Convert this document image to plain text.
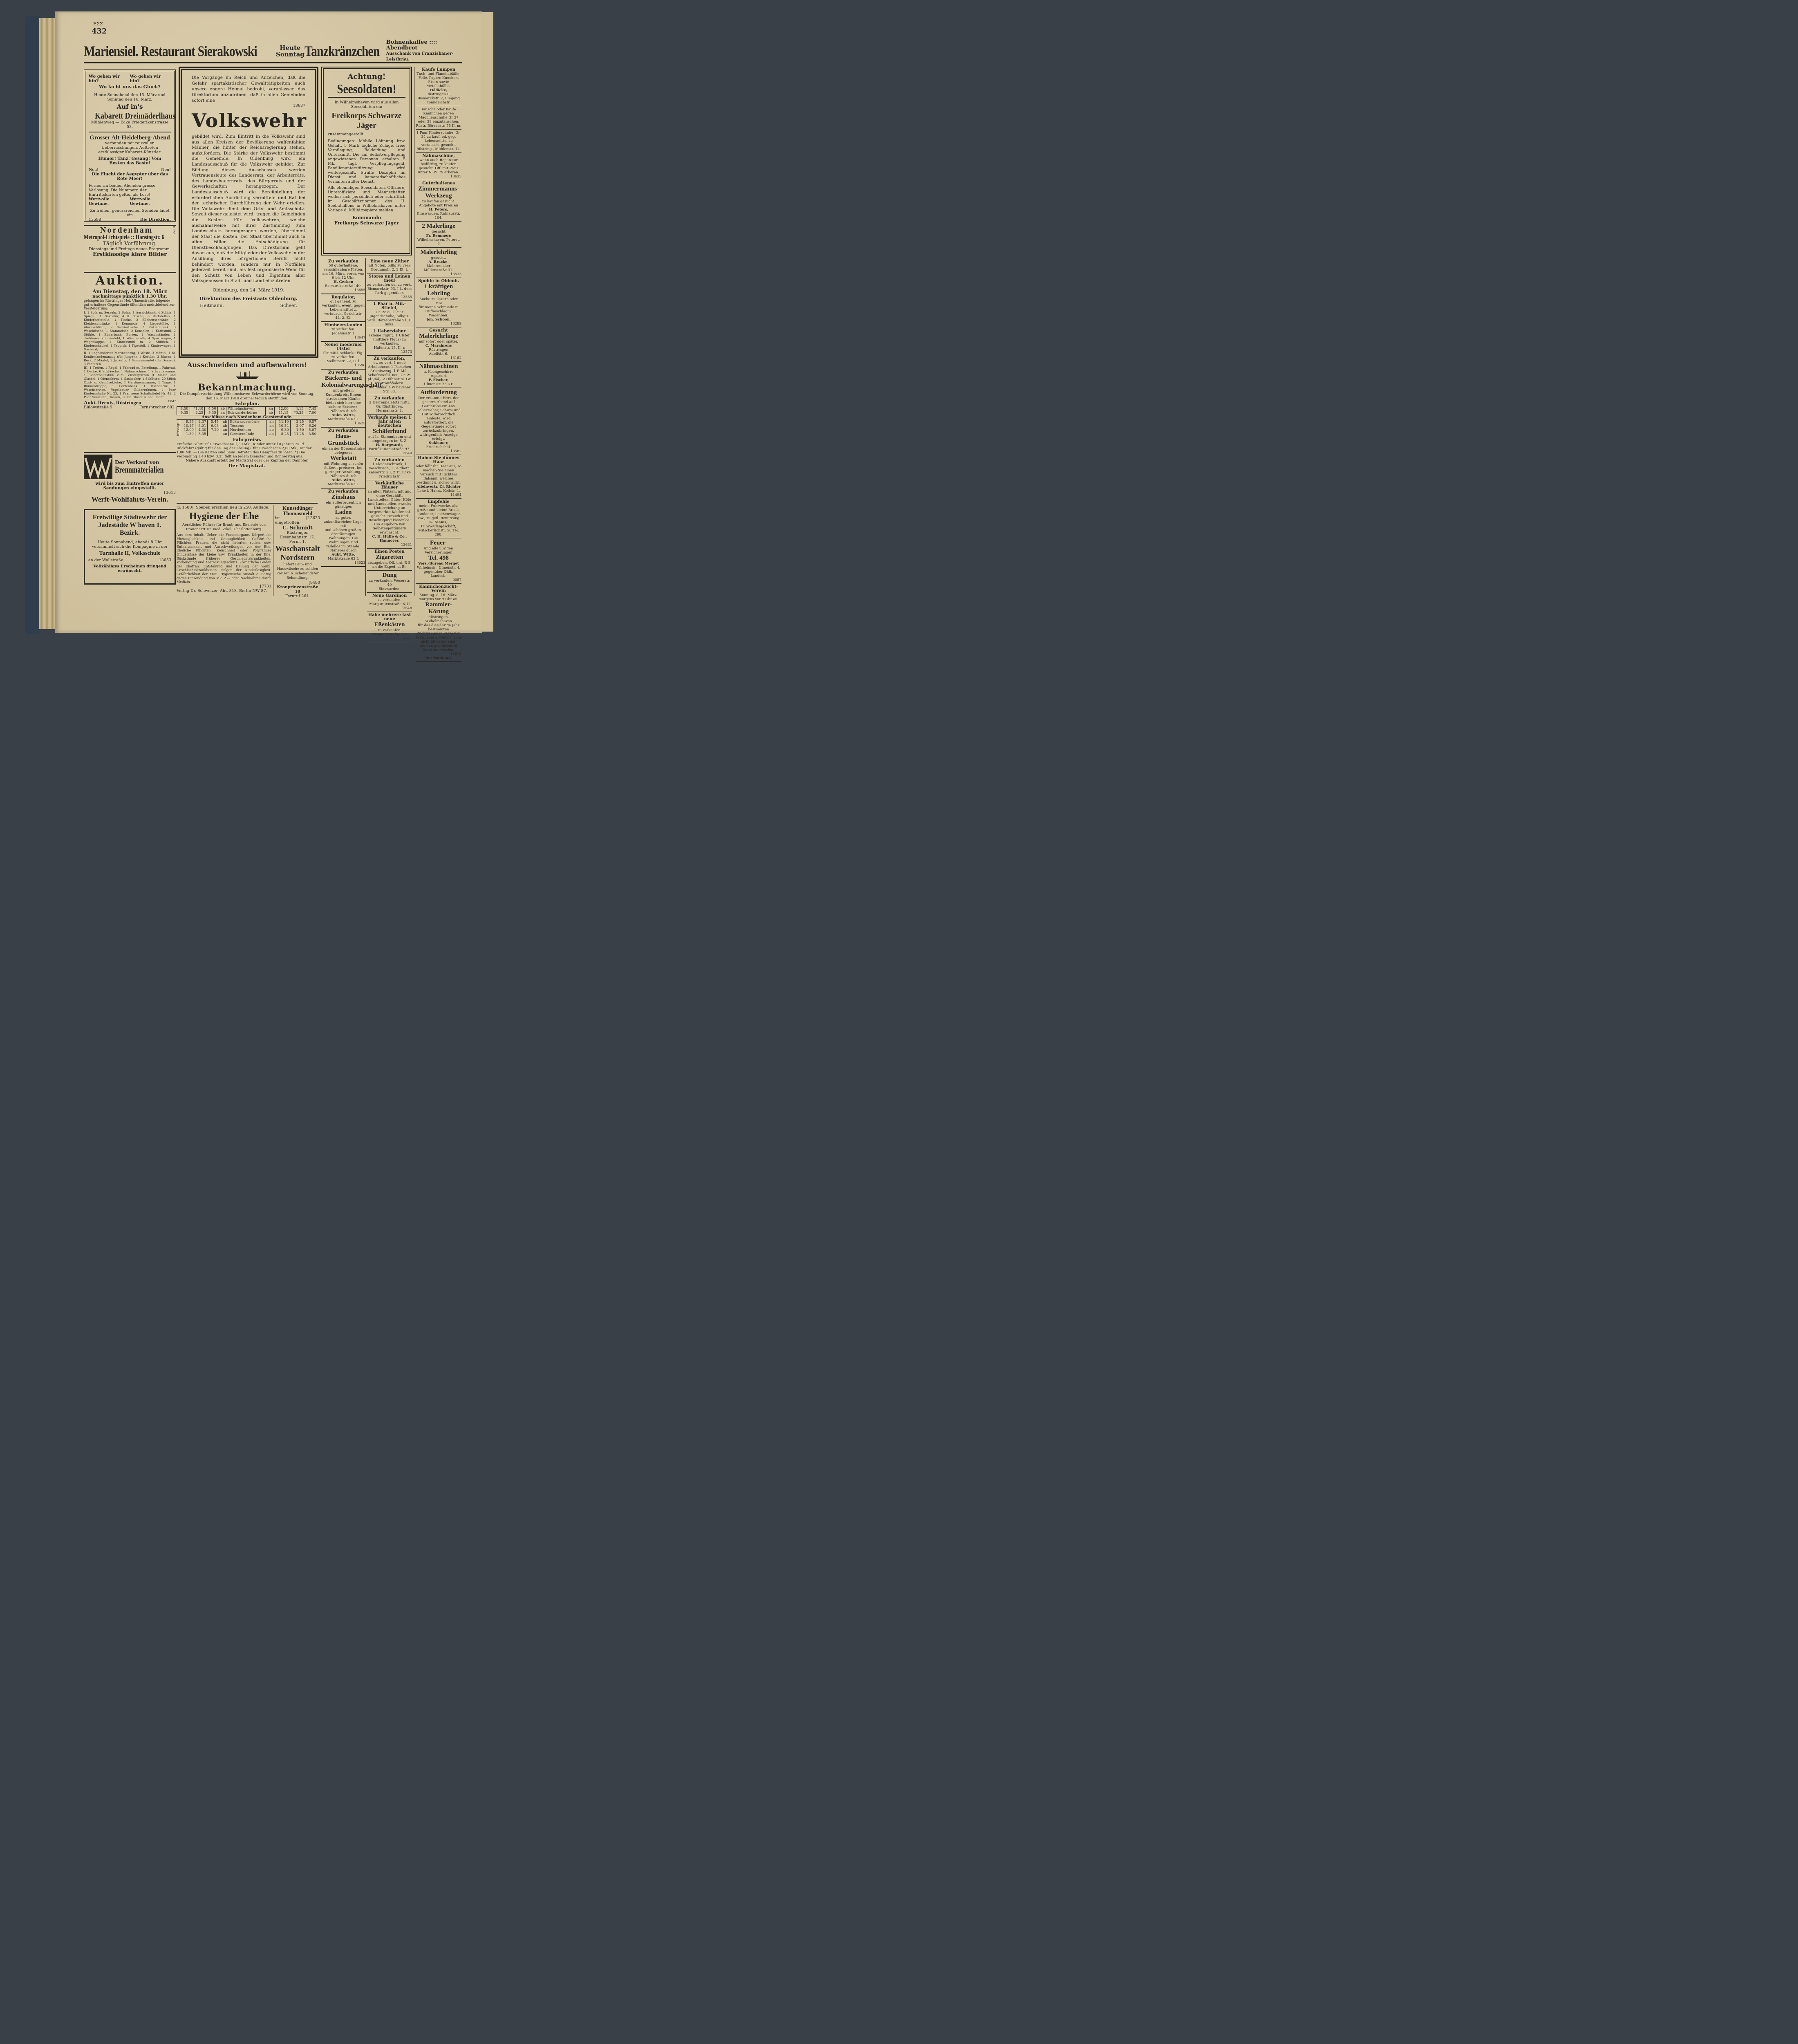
ΕΣΣ
432
Mariensiel. Restaurant Sierakowski	Heute
Sonntag Tanzkränzchen
Bohnenkaffee :::: Abendbrot
Ausschank von Franziskaner-Leistbräu.
Wo gehen wir hin?
Wo gehen wir hin?
Wo lacht uns das Glück?
Heute Sonnabend den 15. März und Sonntag den 16. März:
Auf in's
Kabarett Dreimäderlhaus
Mühlenweg — Ecke Friederikenstrasse 53.
Grosser Alt-Heidelberg-Abend
verbunden mit reizvollen Ueberraschungen. Auftreten erstklassiger Kabarett-Künstler.
Humor! Tanz! Gesang! Vom Besten das Beste!
Neu!	Neu!
Die Flucht der Aegypter über das Rote Meer!
Ferner an beiden Abenden grosse Verlosung. Die Nummern der Eintrittskarten gelten als Lose!
Wertvolle Gewinne.
Wertvolle Gewinne.
Zu frohen, genussreichen Stunden ladet ein
13598	Die Direktion.
Nordenham	6128
Metropol-Lichtspiele :: Hansingstr. 6
Täglich Vorführung.
Dienstags und Freitags neues Programm.
Erstklassige klare Bilder
Auktion.
Am Dienstag, den 18. März
nachmittags pünktlich 1.30 Uhr,
gelangen im Rüstringer Hof, Ulmenstraße, folgende gut erhaltene Gegenstände öffentlich meistbietend zur Versteigerung:
I. 1 Sofa m. Sesseln, 2 Sofas, 1 Auszichtisch, 4 Stühle, 1 Spiegel, 1 Sekretär, 4 ll. Tische, 6 Bettstellen, 1 Kinderbettstelle, 4 Tische, 2 Küchenschränke, 2 Kleiderschränke, 1 Kommode, 4 Liegestühle, 1 Abwaschtisch, 2 Serviertische, 1 Putzschrank, 3 Waschtische, 1 Stammtisch, 2 Konsolen, 1 Korbstuhl, 2 Stühle, 1 Eimerbank, Borten, 1 Waschständer, 1 drehbarer Kontorstuhl, 1 Wäscherolle, 4 Sportwagen, 1 Wagenkappe, 1 Kinderstuhl m. 2 Stühlen, 1 Kinderschaukel, 1 Teppich, 1 Tigerfell, 1 Kinderwagen, 1 Gasherd;
II. 1 ungeänderter Marineanzug, 1 Weste, 3 Mäntel, 1 bl. Konfirmandenanzug (für Jungen), 1 Kostüm, 3 Blusen, 1 Rock, 2 Mäntel, 2 Jacketts, 1 Gummimantel (für Damen), 3 Fanfaren,
III. 1 Trefen, 1 Regal, 1 Fahrrad m. Bereifung, 1 Fahrrad, 1 Decke, 6 Schläuche, 1 Nähmaschine, 1 Schrankwanne, 1 Sicherheitsstuhl zum Fensterputzen (f. Maler und Glaser), 1 Ofenschirm, 1 Gaskocher, 1 Schlitten, 20 Stück Obst- u. Gemüsekörbe, 1 Gardinenspanner, 1 Wage, 1 Blumentreppe, 1 Gartenbank, 1 Tischdecke, 1 Waschservice, Vogelbauer, Bilderrahmen, 1 Paar Kinderschuhe Nr. 23, 1 Paar neue Schaftstiefel Nr. 42, 2 Paar Seestiefel, Tassen, Teller, Gläser u. and. mehr.
Aukt. Reents, Rüstringen	13642
Bülowstraße 9	Fernsprecher 682.
Der Verkauf von
Brennmaterialien
wird bis zum Eintreffen neuer Sendungen eingestellt.
13615
Werft-Wohlfahrts-Verein.
Freiwillige Städtewehr der Jadestädte W'haven 1. Bezirk.
Heute Sonnabend, abends 8 Uhr versammelt sich die Kompagnie in der
Turnhalle II, Volksschule
an der Wallstraße.	13653
Vollzähliges Erscheinen dringend erwünscht.
Die Vorgänge im Reich und Anzeichen, daß die Gefahr spartakistischer Gewalttätigkeiten auch unsere engere Heimat bedroht, veranlassen das Direktorium anzuordnen, daß in allen Gemeinden sofort eine
13637
Volkswehr
gebildet wird. Zum Eintritt in die Volkswehr sind aus allen Kreisen der Bevölkerung waffenfähige Männer, die hinter der Reichsregierung stehen, aufzufordern. Die Stärke der Volkswehr bestimmt die Gemeinde. In Oldenburg wird ein Landesausschuß für die Volkswehr gebildet. Zur Bildung dieses Ausschusses werden Vertrauensleute des Landesrats, der Arbeiterräte, des Landesbauernrats, des Bürgerrats und der Gewerkschaften herangezogen. Der Landesausschuß wird die Bereitstellung der erforderlichen Ausrüstung vermitteln und Rat bei der technischen Durchführung der Wehr erteilen. Die Volkswehr dient dem Orts- und Amtsschutz. Soweit dieser geleistet wird, tragen die Gemeinden die Kosten. Für Volkswehren, welche ausnahmsweise mit ihrer Zustimmung zum Landesschutz herangezogen werden, übernimmt der Staat die Kosten. Der Staat übernimmt auch in allen Fällen die Entschädigung für Dienstbeschädigungen. Das Direktorium geht davon aus, daß die Mitglieder der Volkswehr in der Ausübung ihres bürgerlichen Berufs nicht behindert werden, sondern nur in Notfällen jederzeit bereit sind, als fest organisierte Wehr für den Schutz von Leben und Eigentum aller Volksgenossen in Stadt und Land einzutreten.
Oldenburg, den 14. März 1919.
Direktorium des Freistaats Oldenburg.
Heitmann.	Scheer.
Ausschneiden und aufbewahren!
Bekanntmachung.
Die Dampferverbindung Wilhelmshaven-Eckwarderhörne wird von Sonntag, den 16. März 1919 dreimal täglich stattfinden.
Fahrplan.
8.50	*1.40	4.50	ab	Wilhelmshaven	an	12.00	4.15	7.45
9.35	2.25	5.35	an	Eckwarderhörne	ab	11.15	*3.35	7.00
Anschlüsse nach Nordenham-Geestemünde.
Werktags
9.55	2.37	5.45	ab	Eckwarderhörne	an	11.10	3.25	6.57
10.17	3.01	6.03	ab	Tossens	an	10.54	3.07	6.26
12.09	4.30	7.20	an	Nordenham	ab	9.30	1.50	5.07
1.30	5.35	—	an	Geestemünde	ab	8.25	11.25	3.50
Fahrpreise.
Einfache Fahrt: Für Erwachsene 1,50 Mk., Kinder unter 10 Jahren 75 Pf. Rückfahrt (gültig für den Tag der Lösung): für Erwachsene 2,00 Mk., Kinder 1,00 Mk. — Die Karten sind beim Betreten des Dampfers zu lösen. *) Die Verbindung 1.40 bzw. 3.35 fällt an jedem Dienstag und Donnerstag aus.
Nähere Auskunft erteilt der Magistrat oder der Kapitän der Dampfer.
Der Magistrat.
[Z 1580] Soeben erschien neu in 250. Auflage:
Hygiene der Ehe
Aerztlicher Führer für Braut- und Eheleute von Frauenarzt Dr. med. Zikel, Charlottenburg.
Aus dem Inhalt: Ueber die Frauenorgane. Körperliche Ehetauglichkeit und Untauglichkeit. Gefährliche Pflichten. Frauen, die nicht heiraten sollen, usw. Enthaltsamkeit und Ausschweifungen vor der Ehe. Eheliche Pflichten. Keuschheit oder Polygamie? Hindernisse der Liebe usw. Krankheiten in der Ehe. Rückstände früherer Geschlechtskrankheiten. Vorbeugung und Ansteckungsschutz. Körperliche Leiden der Ehefrau. Entstehung und Heilung der weibl. Geschlechtskrankheiten. Folgen der Kinderlosigkeit. Gefährlichkeit der Frau. Hygienische Anstalt e. Bezug gegen Einsendung von Mk. 2.— oder Nachnahme durch Medizin.
[7731
Verlag Dr. Schweizer, Abt. 318, Berlin NW 87.
Kunstdünger Thomasmehl
ist eingetroffen.
[13633
C. Schmidt
Rüstringen
Essenbahnstr. 17. Fernr. 1.
Waschanstalt Nordstern
liefert Fein- und Hauswäsche zu soliden Preisen b. schonendster Behandlung.
[9490
Kronprinzenstraße 10
Fernruf 264.
Achtung!
Seesoldaten!
In Wilhelmshaven wird aus allen Seesoldaten ein
Freikorps Schwarze Jäger
zusammengestellt.
Bedingungen: Mobile Löhnung bzw. Gehalt. 5 Mark tägliche Zulage, freie Verpflegung, Bekleidung und Unterkunft. Die auf Selbstverpflegung angewiesenen Personen erhalten 5 Mk. tägl. Verpflegungsgeld. Familienunterstützung wird weitergezahlt. Straffe Disziplin im Dienst und kameradschaftliches Verhalten außer Dienst.
Alle ehemaligen Seesoldaten, Offiziere, Unteroffiziere und Mannschaften wollen sich persönlich oder schriftlich im Geschäftszimmer des II. Seebataillons in Wilhelmshaven unter Vorlage d. Militärpapiere melden
Kommando
Freikorps Schwarze Jäger
Zu verkaufen
50 guterhaltene, verschließbare Kisten, am 16. März, vorm. von 9 bis 12 Uhr.
H. Gerken
Bismarckstraße 149.
13655
Regulator,
gut gehend, zu verkaufen, event. gegen Lebensmittel z. vertausch. Gerichtstr. 44, 2. Et.
Himbeerstauden
zu verkaufen.
Jedeliusstr. 1
13647
Neuer moderner Ulster
für mittl. schlanke Fig. zu verkaufen.
Mellumstr. 22, II. l.
13596
Zu verkaufen
Bäckerei- und Kolonialwarengeschäft
mit großem Kundenkreis. Einem strebsamen Käufer bietet sich hier eine sichere Existenz.
Näheres durch
Aukt. Witte,
Marktstraße 63 I.
13625
Zu verkaufen
Haus-Grundstück
ein an der Börsenstraße belegenes
Werkstatt
mit Wohnung u. schön
äußerst preiswert bei geringer Anzahlung. Näheres durch
Aukt. Witte,
Marktstraße 63 I.
Zu verkaufen
Zinshaus
ein außerordentlich günstiges
Laden
zu guter, zukunftsreicher Lage, mit
und schönen großen, dreiräumigen Wohnungen. Die Wohnungen sind tadellos im Stande. Näheres durch
Aukt. Witte,
Marktstraße 63 I.
13023
Eine neue Zither
mit Noten, billig zu verk. Bordumstr. 2, 3 Et. l.
Stores und Leinen (neu)
zu verkaufen od. zu verk. Bismarckstr. 93, I l., dem Park gegenüber.
13555
1 Paar n. Mil.-Stiefel,
Gr. 28½, 1 Paar Jugendschuhe, billig z. verk. Börsenstraße 91, II links.
1 Ueberzieher
(kleine Figur), 1 Ulster (mittlere Figur) zu verkaufen.
Hafenstr. 15, II. r.
13573
Zu verkaufen,
ev. zu vert. 1 neue Arbeitshose, 1 Päckchen Arbeitszeug, 1 P. Mil.-Schaftstiefel, neu, Gr. 29 (43/44), 2 Hühner m. Gr. w. Straußfedern. Blumenhalle W'havener Str. 88.
Zu verkaufen
2 Herrenpaletots mittl. Gr. Rüstringen, Hermannstr. 2.
Verkaufe meinen 1 Jahr alten deutschen
Schäferhund
mit Ia. Stammbaum und eingetragen im S. Z.
H. Borgwardt,
Fortifikationsstraße 97.
13640
Zu verkaufen
1 Kleiderschrank, 1 Waschtisch, 1 Feldbett. Kaiserstr. 20, 2 Tr. Ecke Friedrichstr.
Verkäufliche Häuser
an allen Plätzen, mit und ohne Geschäft, Landstellen, Güter, Höfe und Landstellen, zwecks Unterreichung an vorgemerkte Käufer sof. gesucht. Besuch und Besichtigung kostenlos. Um Angebote von Selbsteigentümern erwünscht.
C. H. Hüffe & Co., Hannover.
13631
Einen Posten
Zigaretten
abzugeben. Off. unt. R S. an die Exped. d. Bl.
Dung
zu verkaufen. Weserstr. 40
Einswarden.
Neue Gardinen
zu verkaufen.
Margaretenstraße 6, II
13648
Habe mehrere fast neue
Eßenkästen
zu verkaufen.
Bismarckstraße 179.
13641
Kaufe Lumpen
Tuch- und Flanellabfälle, Felle, Papier, Knochen, Eisen sowie Metallabfälle.
Hädicke,
Rüstringen II, Bismarckstr. 2, Eingang Tonndeichstr.
Tausche oder Kaufe Kaninchen gegen Mädchenschuhe Gr 27 oder 28 einzutauschen. Rüstr. Börsenstr. 75 II. m.
1 Paar Kinderschuhe, Gr. 34 zu kauf. od. geg. Lebensmittel zu vertausch. gesucht. Rüstring., Mühlenstr. 12.
Nähmaschine,
wenn auch Reparatur bedürftig, zu kaufen gesucht. Off. mit Preis unter N. W. 79 erbeten.
13635
Guterhaltenes
Zimmermanns-Werkzeug
zu kaufen gesucht. Angebote mit Preis an
H. Peters,
Einswarden, Rathausstr. 104.
2 Malerlinge
gesucht
Fr. Remmers
Wilhelmshaven, Peterst. 9
Malerlehrling
gesucht.
A. Bracke,
Malermeister Müllerstraße 31.
13533
Spohle in Oldenb.
1 kräftigen Lehrling
Suche zu Ostern oder Mai
für meine Schmiede in Hufbeschlag u. Wagenbau.
Joh. Schoon.
13289
Gesucht
Malerlehrlinge
auf sofort oder später.
C. Marahrens
Rüstringen
Adolfstr. 6.
13182
Nähmaschinen
u. Kochgeschirre repariert
P. Fischer,
Ulmenstr. 23 a r.
Aufforderung
Der erkannte Herr, der gestern Abend auf Garderobe-Nr. 465 Ueberzieher, Schirm und Hut widerrechtlich einlöste, wird aufgefordert, die Gegenstände sofort zurückzubringen, widrigenfalls Anzeige erfolgt.
Sukbauer,
Friedrichshof.
13582
Haben Sie dünnes Haar
oder fällt Ihr Haar aus, so machen Sie einen Versuch mit Richters Balsami, welches bestimmt u. sicher wirkt.
Alleinvertr. Cl. Richter
Lehe i. Hann., Keilstr. 4.
11494
Empfehle
meine Fuhrwerke, als: große und kleine Break, Landauer, Leichenwagen usw., zu gefl. Benutzung.
G. Siems,
Fuhrwerksgeschäft, Mitscherlichstr. 50 Tel. 298.
Feuer-
und alle übrigen Versicherungen
Tel. 498
Vers.-Bureau Merget
Wilhelmsh., Ulmenstr. 4, gegenüber Oldb. Landesb.
0087
Kaninchenzucht-Verein
Sonntag, d. 16. März, morgens vor 9 Uhr an:
Rammler-Körung
Rüstringen-Wilhelmshaven
für das diesjährige Jahr bestimmten Zuchtrammler. Tiere von Mitgliedern, welche noch nicht tätowiert sind, können gebührenfrei tätowiert werden.
13615
Der Vorstand.
